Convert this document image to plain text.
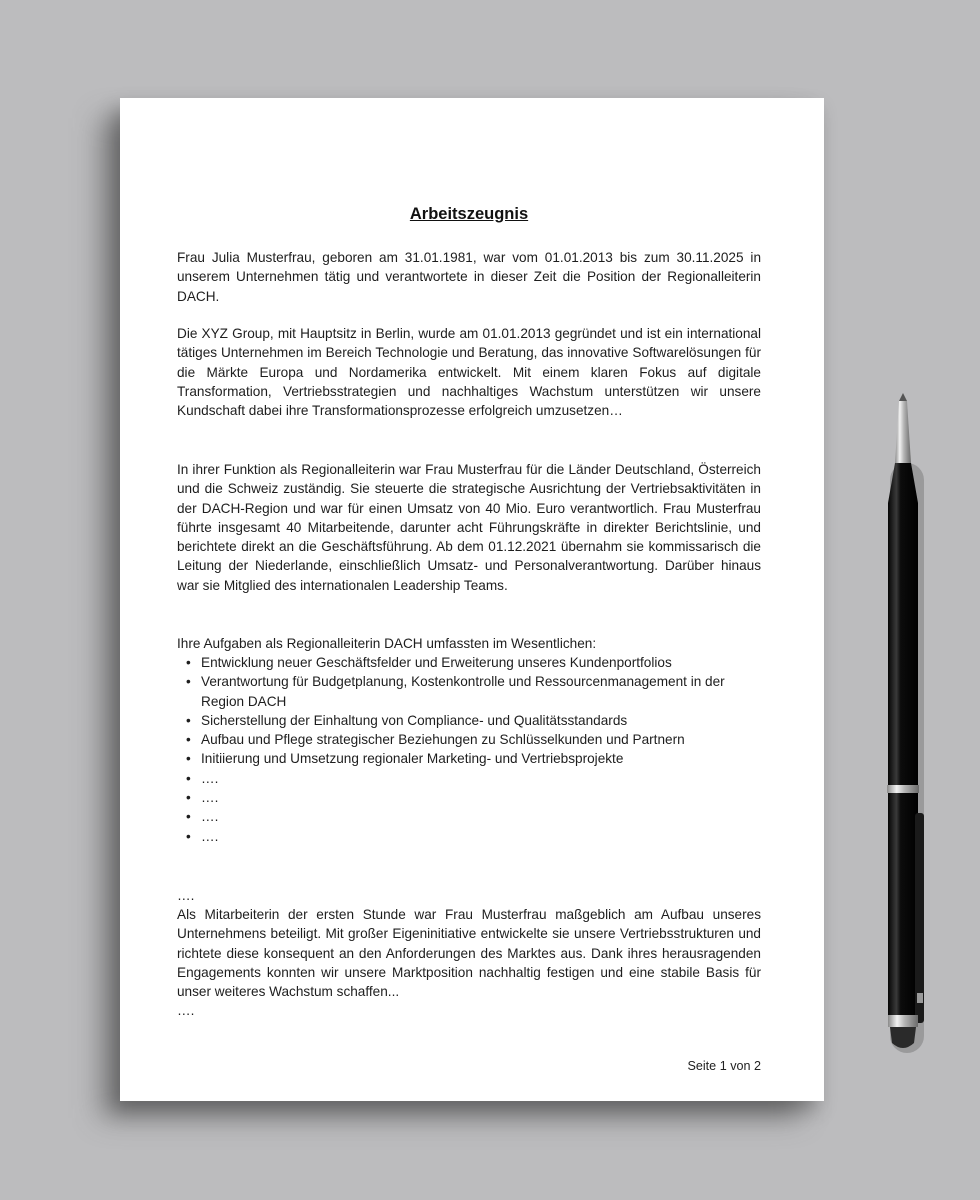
Arbeitszeugnis

Frau Julia Musterfrau, geboren am 31.01.1981, war vom 01.01.2013 bis zum 30.11.2025 in unserem Unternehmen tätig und verantwortete in dieser Zeit die Position der Regionalleiterin DACH.

Die XYZ Group, mit Hauptsitz in Berlin, wurde am 01.01.2013 gegründet und ist ein international tätiges Unternehmen im Bereich Technologie und Beratung, das innovative Softwarelösungen für die Märkte Europa und Nordamerika entwickelt. Mit einem klaren Fokus auf digitale Transformation, Vertriebsstrategien und nachhaltiges Wachstum unterstützen wir unsere Kundschaft dabei ihre Transformationsprozesse erfolgreich umzusetzen…

In ihrer Funktion als Regionalleiterin war Frau Musterfrau für die Länder Deutschland, Österreich und die Schweiz zuständig. Sie steuerte die strategische Ausrichtung der Vertriebsaktivitäten in der DACH-Region und war für einen Umsatz von 40 Mio. Euro verantwortlich. Frau Musterfrau führte insgesamt 40 Mitarbeitende, darunter acht Führungskräfte in direkter Berichtslinie, und berichtete direkt an die Geschäftsführung. Ab dem 01.12.2021 übernahm sie kommissarisch die Leitung der Niederlande, einschließlich Umsatz- und Personalverantwortung. Darüber hinaus war sie Mitglied des internationalen Leadership Teams.

Ihre Aufgaben als Regionalleiterin DACH umfassten im Wesentlichen:

• Entwicklung neuer Geschäftsfelder und Erweiterung unseres Kundenportfolios
• Verantwortung für Budgetplanung, Kostenkontrolle und Ressourcenmanagement in der Region DACH
• Sicherstellung der Einhaltung von Compliance- und Qualitätsstandards
• Aufbau und Pflege strategischer Beziehungen zu Schlüsselkunden und Partnern
• Initiierung und Umsetzung regionaler Marketing- und Vertriebsprojekte
• ….
• ….
• ….
• ….

….

Als Mitarbeiterin der ersten Stunde war Frau Musterfrau maßgeblich am Aufbau unseres Unternehmens beteiligt. Mit großer Eigeninitiative entwickelte sie unsere Vertriebsstrukturen und richtete diese konsequent an den Anforderungen des Marktes aus. Dank ihres herausragenden Engagements konnten wir unsere Marktposition nachhaltig festigen und eine stabile Basis für unser weiteres Wachstum schaffen...

….

Seite 1 von 2
